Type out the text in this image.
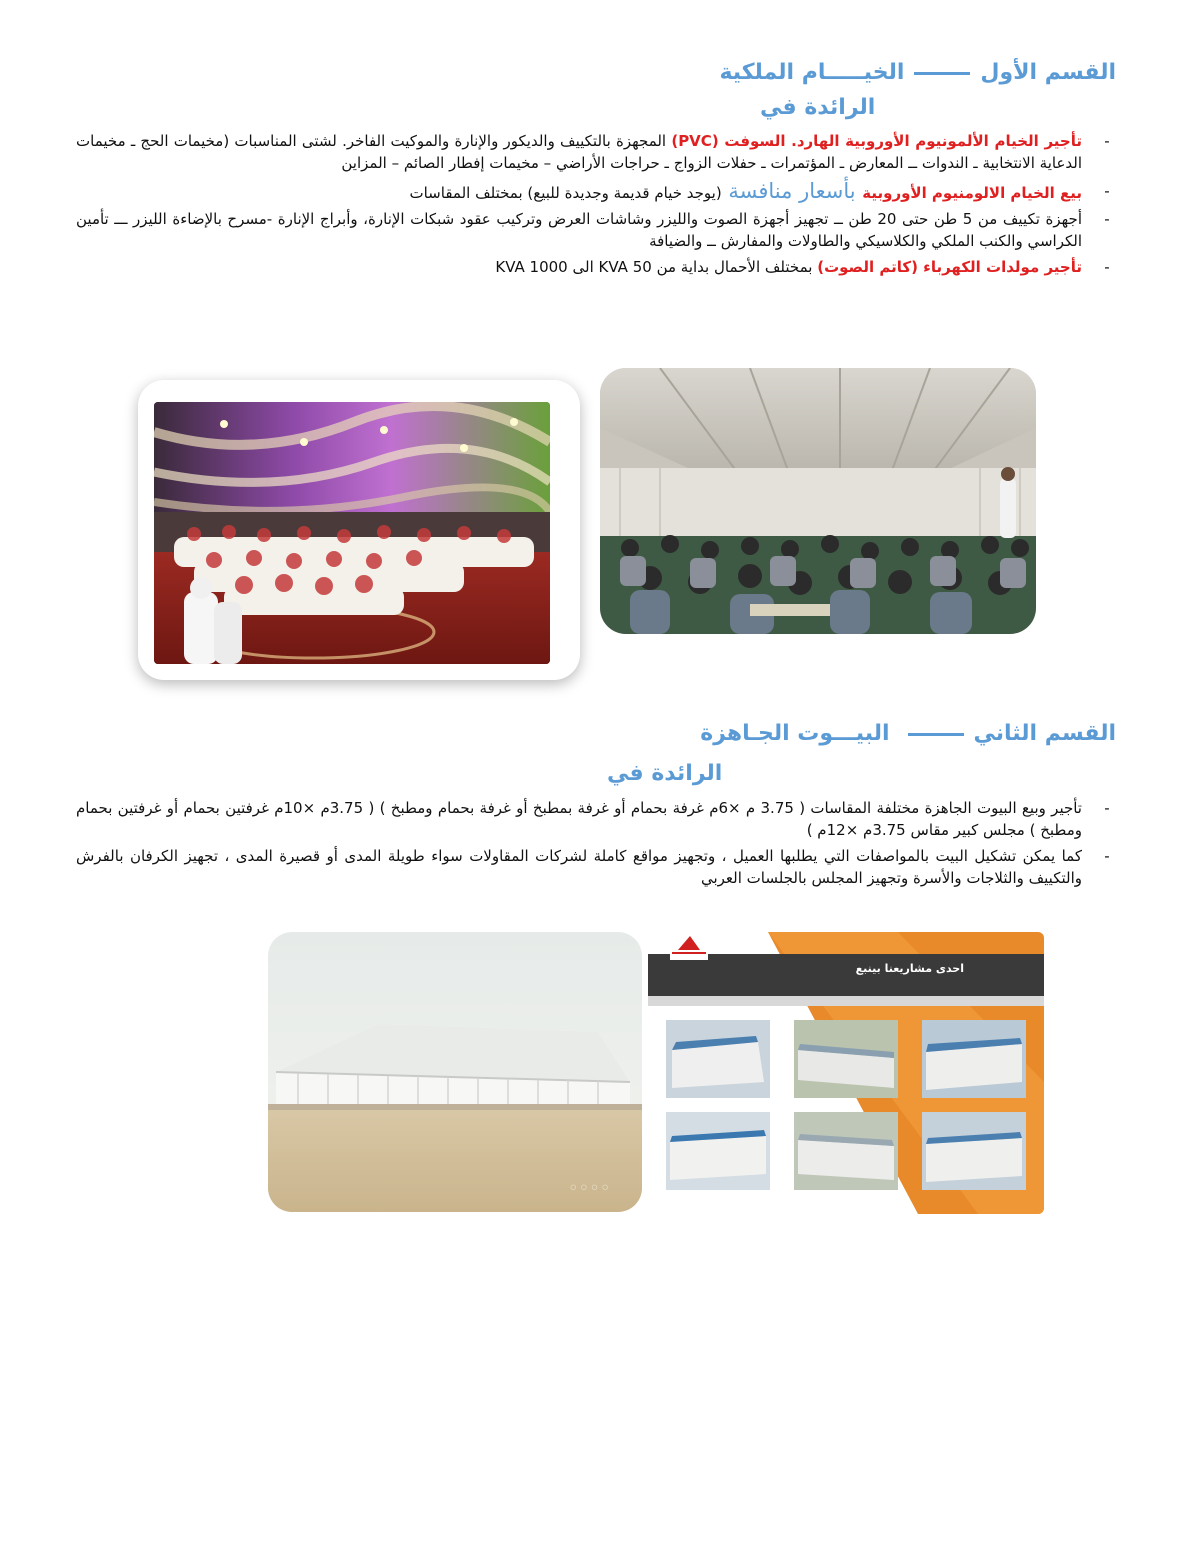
القسم الأولالخيـــــام الملكية
الرائدة في
-
تأجير الخيام الألمونيوم الأوروبية الهارد. السوفت (PVC) المجهزة بالتكييف والديكور والإنارة والموكيت الفاخر. لشتى المناسبات (مخيمات الحج ـ مخيمات الدعاية الانتخابية ـ الندوات ــ المعارض ـ المؤتمرات ـ حفلات الزواج ـ حراجات الأراضي – مخيمات إفطار الصائم – المزاين
-
بيع الخيام الالومنيوم الأوروبية بأسعار منافسة (يوجد خيام قديمة وجديدة للبيع) بمختلف المقاسات
-
أجهزة تكييف من 5 طن حتى 20 طن ــ تجهيز أجهزة الصوت والليزر وشاشات العرض وتركيب عقود شبكات الإنارة، وأبراج الإنارة -مسرح بالإضاءة الليزر ـــ تأمين الكراسي والكنب الملكي والكلاسيكي والطاولات والمفارش ــ والضيافة
-
تأجير مولدات الكهرباء (كاتم الصوت) بمختلف الأحمال بداية من 50 KVA الى 1000 KVA
القسم الثانيالبيـــوت الجـاهزة
الرائدة في
-
تأجير وبيع البيوت الجاهزة مختلفة المقاسات ( 3.75 م ×6م غرفة بحمام أو غرفة بمطبخ أو غرفة بحمام ومطبخ ) ( 3.75م ×10م غرفتين بحمام أو غرفتين بحمام ومطبخ ) مجلس كبير مقاس 3.75م ×12م )
-
كما يمكن تشكيل البيت بالمواصفات التي يطلبها العميل ، وتجهيز مواقع كاملة لشركات المقاولات سواء طويلة المدى أو قصيرة المدى ، تجهيز الكرفان بالفرش والتكييف والثلاجات والأسرة وتجهيز المجلس بالجلسات العربي
◦◦◦◦
احدى مشاريعنا بينبع
